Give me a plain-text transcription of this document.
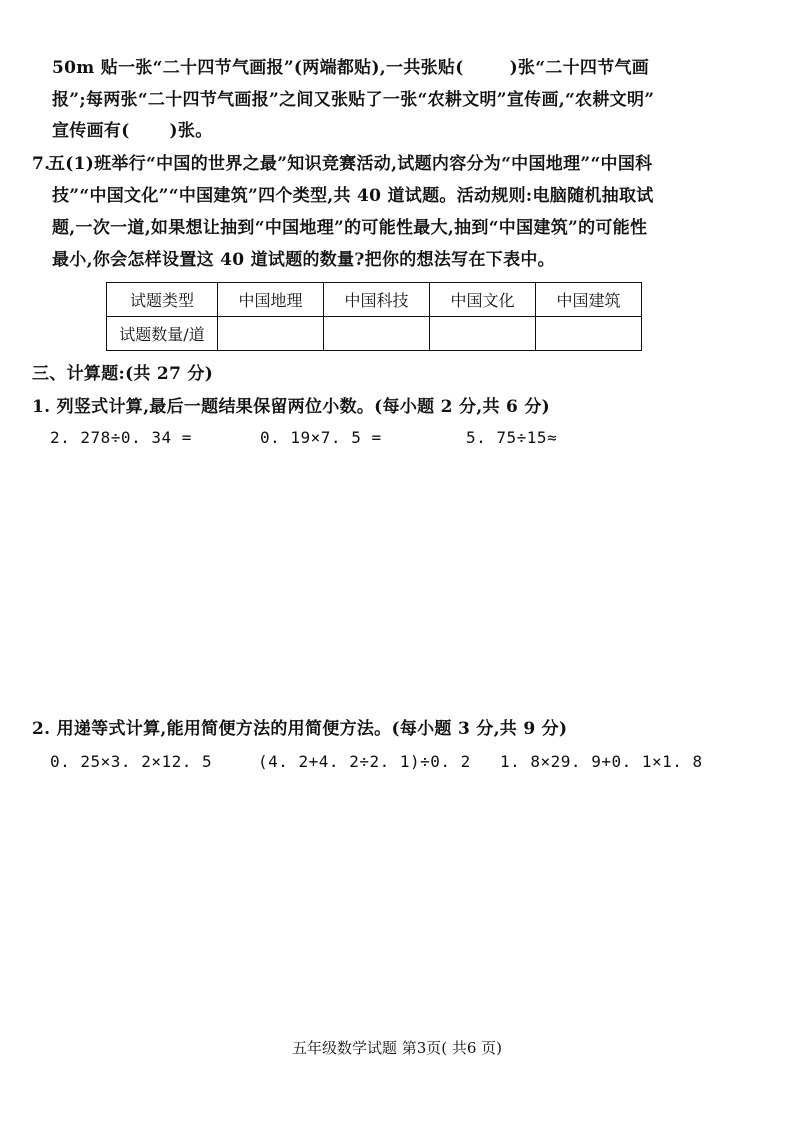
50m 贴一张“二十四节气画报”(两端都贴),一共张贴(	)张“二十四节气画
报”;每两张“二十四节气画报”之间又张贴了一张“农耕文明”宣传画,“农耕文明”
宣传画有( )张。
7.五(1)班举行“中国的世界之最”知识竞赛活动,试题内容分为“中国地理”“中国科
技”“中国文化”“中国建筑”四个类型,共 40 道试题。活动规则:电脑随机抽取试
题,一次一道,如果想让抽到“中国地理”的可能性最大,抽到“中国建筑”的可能性
最小,你会怎样设置这 40 道试题的数量?把你的想法写在下表中。
试题类型	中国地理	中国科技	中国文化	中国建筑
试题数量/道				
三、计算题:(共 27 分)
1. 列竖式计算,最后一题结果保留两位小数。(每小题 2 分,共 6 分)
2. 278÷0. 34 =	0. 19×7. 5 =	5. 75÷15≈
2. 用递等式计算,能用简便方法的用简便方法。(每小题 3 分,共 9 分)
0. 25×3. 2×12. 5	(4. 2+4. 2÷2. 1)÷0. 2 1. 8×29. 9+0. 1×1. 8
五年级数学试题 第3页( 共6 页)
